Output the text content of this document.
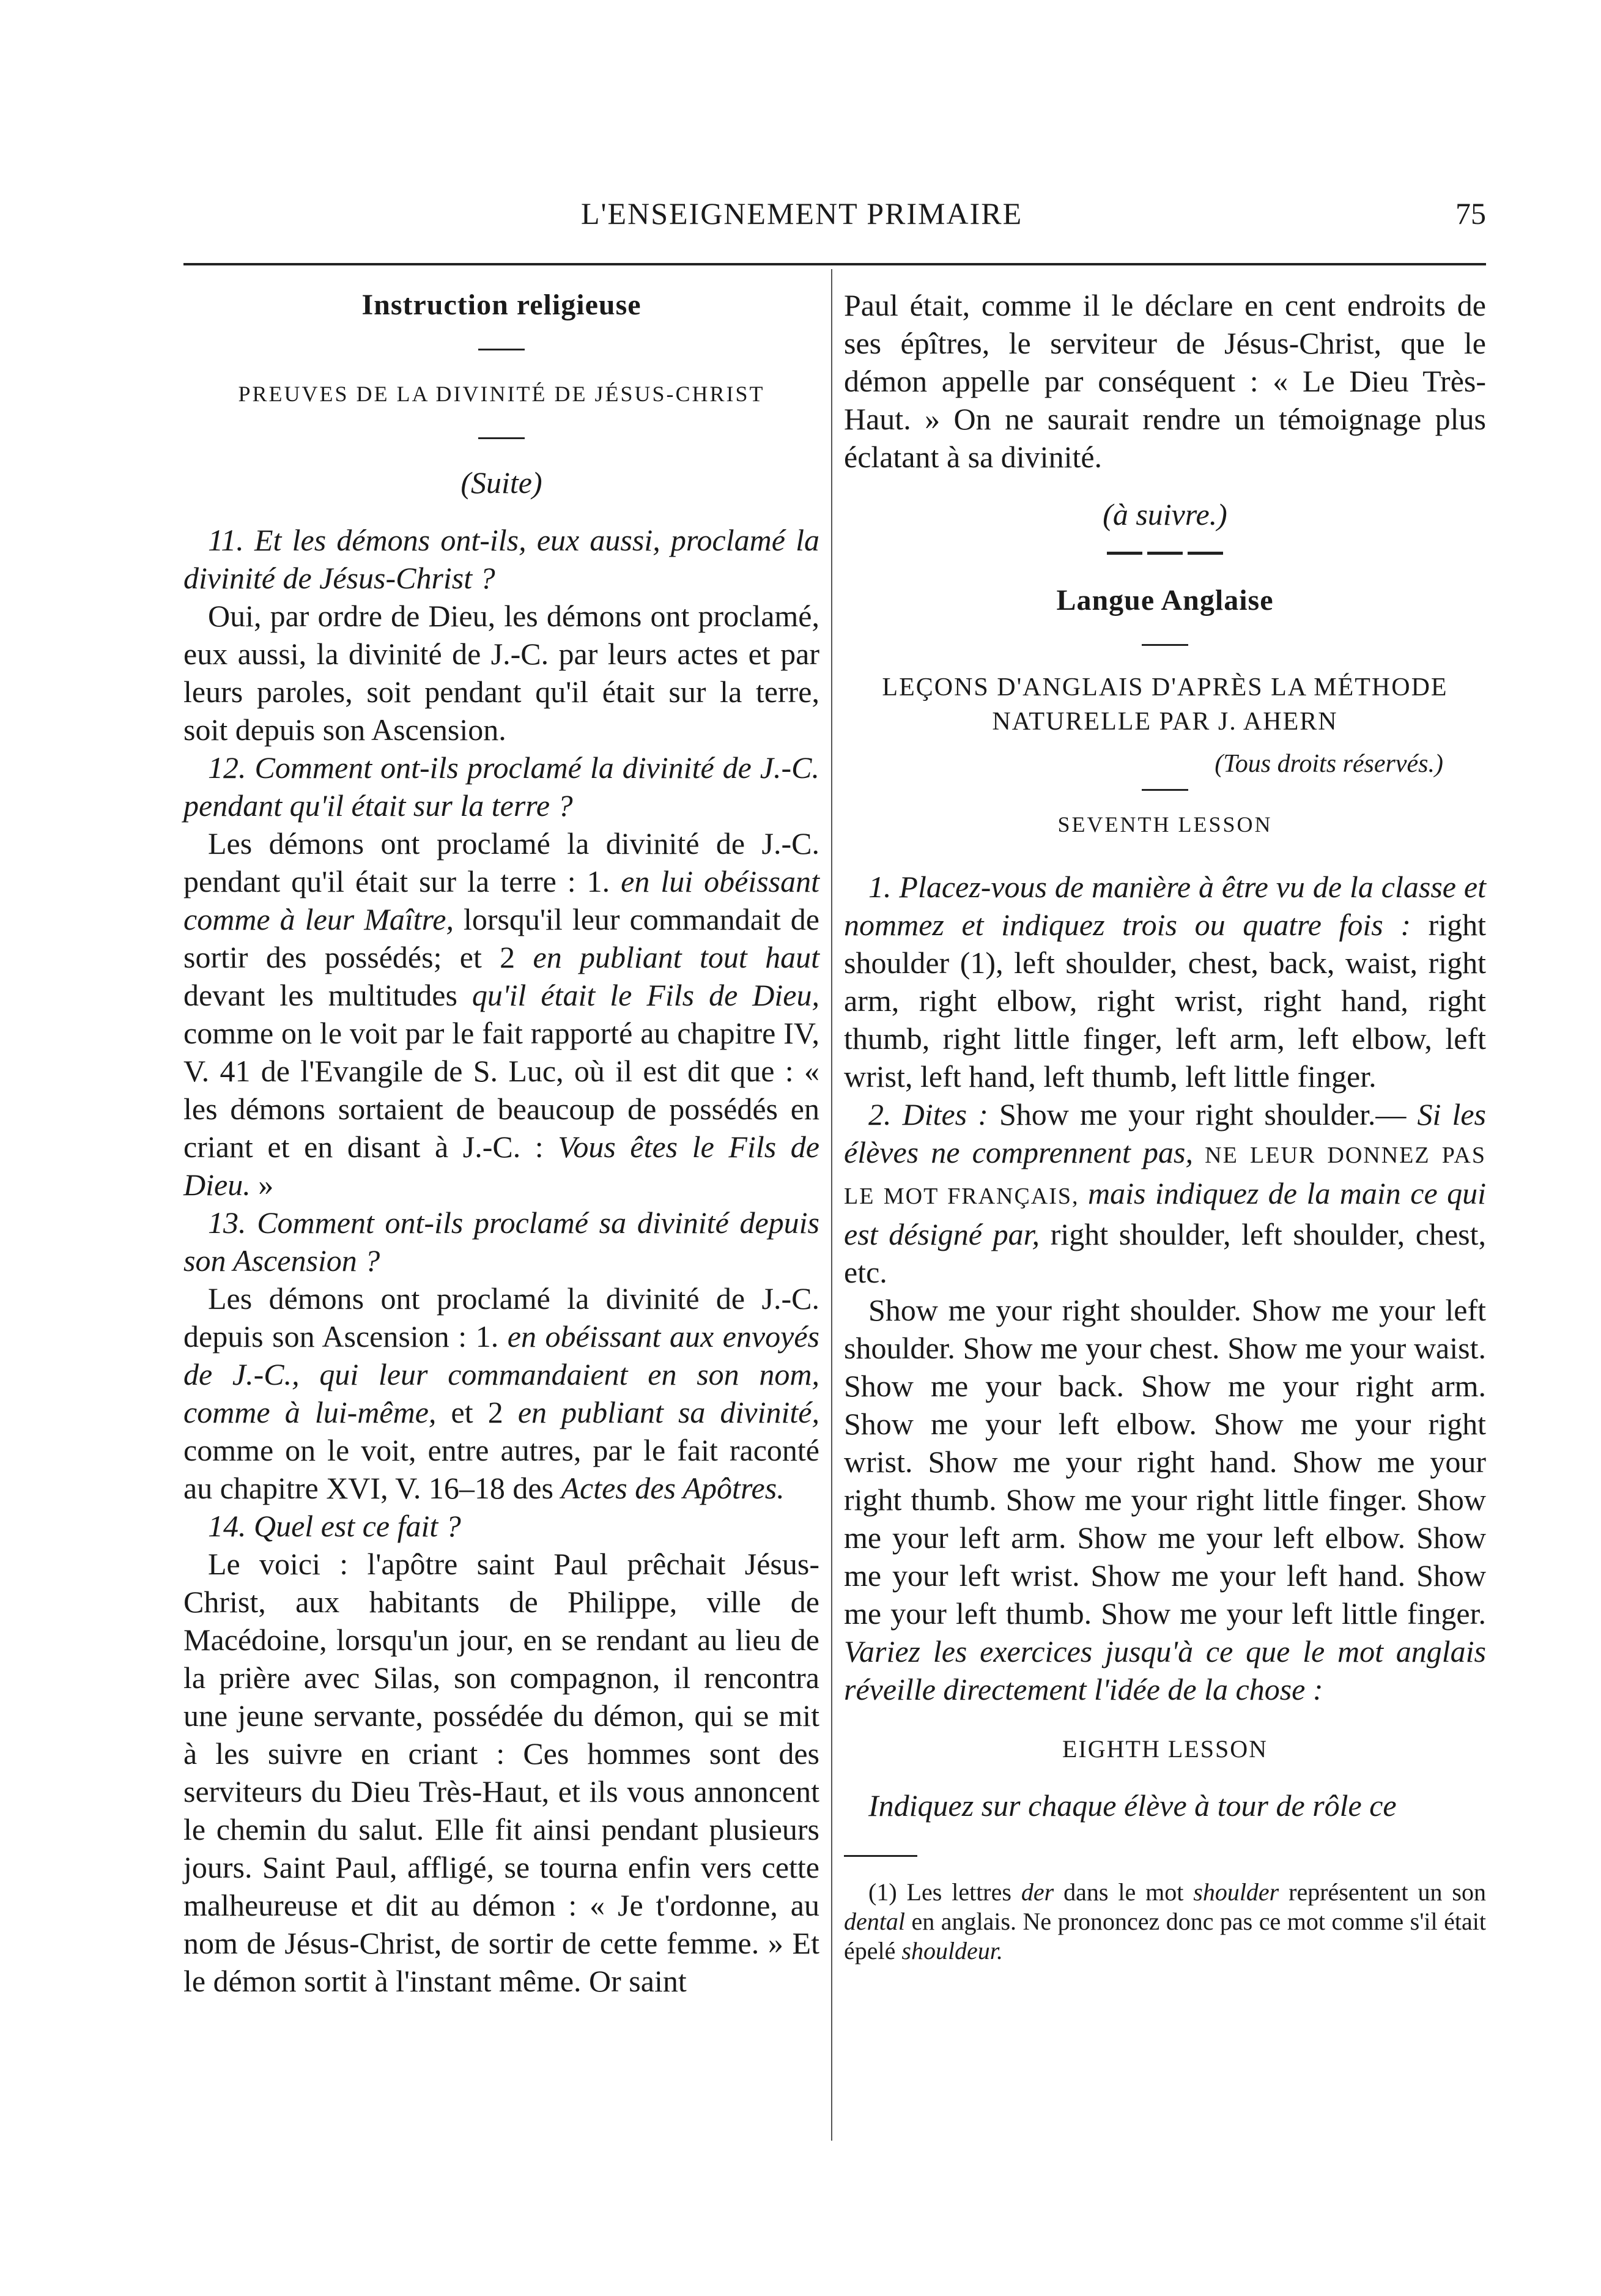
L'ENSEIGNEMENT PRIMAIRE	75

Instruction religieuse

PREUVES DE LA DIVINITÉ DE JÉSUS-CHRIST

(Suite)

11. Et les démons ont-ils, eux aussi, proclamé la divinité de Jésus-Christ ?

Oui, par ordre de Dieu, les démons ont proclamé, eux aussi, la divinité de J.-C. par leurs actes et par leurs paroles, soit pendant qu'il était sur la terre, soit depuis son Ascension.

12. Comment ont-ils proclamé la divinité de J.-C. pendant qu'il était sur la terre ?

Les démons ont proclamé la divinité de J.-C. pendant qu'il était sur la terre : 1. en lui obéissant comme à leur Maître, lorsqu'il leur commandait de sortir des possédés; et 2 en publiant tout haut devant les multitudes qu'il était le Fils de Dieu, comme on le voit par le fait rapporté au chapitre IV, V. 41 de l'Evangile de S. Luc, où il est dit que : « les démons sortaient de beaucoup de possédés en criant et en disant à J.-C. : Vous êtes le Fils de Dieu. »

13. Comment ont-ils proclamé sa divinité depuis son Ascension ?

Les démons ont proclamé la divinité de J.-C. depuis son Ascension : 1. en obéissant aux envoyés de J.-C., qui leur commandaient en son nom, comme à lui-même, et 2 en publiant sa divinité, comme on le voit, entre autres, par le fait raconté au chapitre XVI, V. 16–18 des Actes des Apôtres.

14. Quel est ce fait ?

Le voici : l'apôtre saint Paul prêchait Jésus-Christ, aux habitants de Philippe, ville de Macédoine, lorsqu'un jour, en se rendant au lieu de la prière avec Silas, son compagnon, il rencontra une jeune servante, possédée du démon, qui se mit à les suivre en criant : Ces hommes sont des serviteurs du Dieu Très-Haut, et ils vous annoncent le chemin du salut. Elle fit ainsi pendant plusieurs jours. Saint Paul, affligé, se tourna enfin vers cette malheureuse et dit au démon : « Je t'ordonne, au nom de Jésus-Christ, de sortir de cette femme. » Et le démon sortit à l'instant même. Or saint

Paul était, comme il le déclare en cent endroits de ses épîtres, le serviteur de Jésus-Christ, que le démon appelle par conséquent : « Le Dieu Très-Haut. » On ne saurait rendre un témoignage plus éclatant à sa divinité.

(à suivre.)

Langue Anglaise

LEÇONS D'ANGLAIS D'APRÈS LA MÉTHODE
NATURELLE PAR J. AHERN

(Tous droits réservés.)

SEVENTH LESSON

1. Placez-vous de manière à être vu de la classe et nommez et indiquez trois ou quatre fois : right shoulder (1), left shoulder, chest, back, waist, right arm, right elbow, right wrist, right hand, right thumb, right little finger, left arm, left elbow, left wrist, left hand, left thumb, left little finger.

2. Dites : Show me your right shoulder.— Si les élèves ne comprennent pas, NE LEUR DONNEZ PAS LE MOT FRANÇAIS, mais indiquez de la main ce qui est désigné par, right shoulder, left shoulder, chest, etc.

Show me your right shoulder. Show me your left shoulder. Show me your chest. Show me your waist. Show me your back. Show me your right arm. Show me your left elbow. Show me your right wrist. Show me your right hand. Show me your right thumb. Show me your right little finger. Show me your left arm. Show me your left elbow. Show me your left wrist. Show me your left hand. Show me your left thumb. Show me your left little finger. Variez les exercices jusqu'à ce que le mot anglais réveille directement l'idée de la chose :

EIGHTH LESSON

Indiquez sur chaque élève à tour de rôle ce

(1) Les lettres der dans le mot shoulder représentent un son dental en anglais. Ne prononcez donc pas ce mot comme s'il était épelé shouldeur.
